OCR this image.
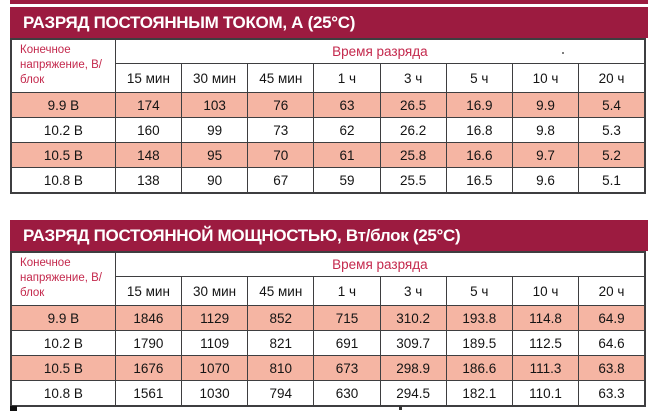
РАЗРЯД ПОСТОЯННЫМ ТОКОМ, А (25°C)
Конечное напряжение, В/блок	Время разряда							
	15 мин	30 мин	45 мин	1 ч	3 ч	5 ч	10 ч	20 ч
9.9 В	174	103	76	63	26.5	16.9	9.9	5.4
10.2 В	160	99	73	62	26.2	16.8	9.8	5.3
10.5 В	148	95	70	61	25.8	16.6	9.7	5.2
10.8 В	138	90	67	59	25.5	16.5	9.6	5.1
РАЗРЯД ПОСТОЯННОЙ МОЩНОСТЬЮ, Вт/блок (25°C)
Конечное напряжение, В/блок	Время разряда							
	15 мин	30 мин	45 мин	1 ч	3 ч	5 ч	10 ч	20 ч
9.9 В	1846	1129	852	715	310.2	193.8	114.8	64.9
10.2 В	1790	1109	821	691	309.7	189.5	112.5	64.6
10.5 В	1676	1070	810	673	298.9	186.6	111.3	63.8
10.8 В	1561	1030	794	630	294.5	182.1	110.1	63.3
